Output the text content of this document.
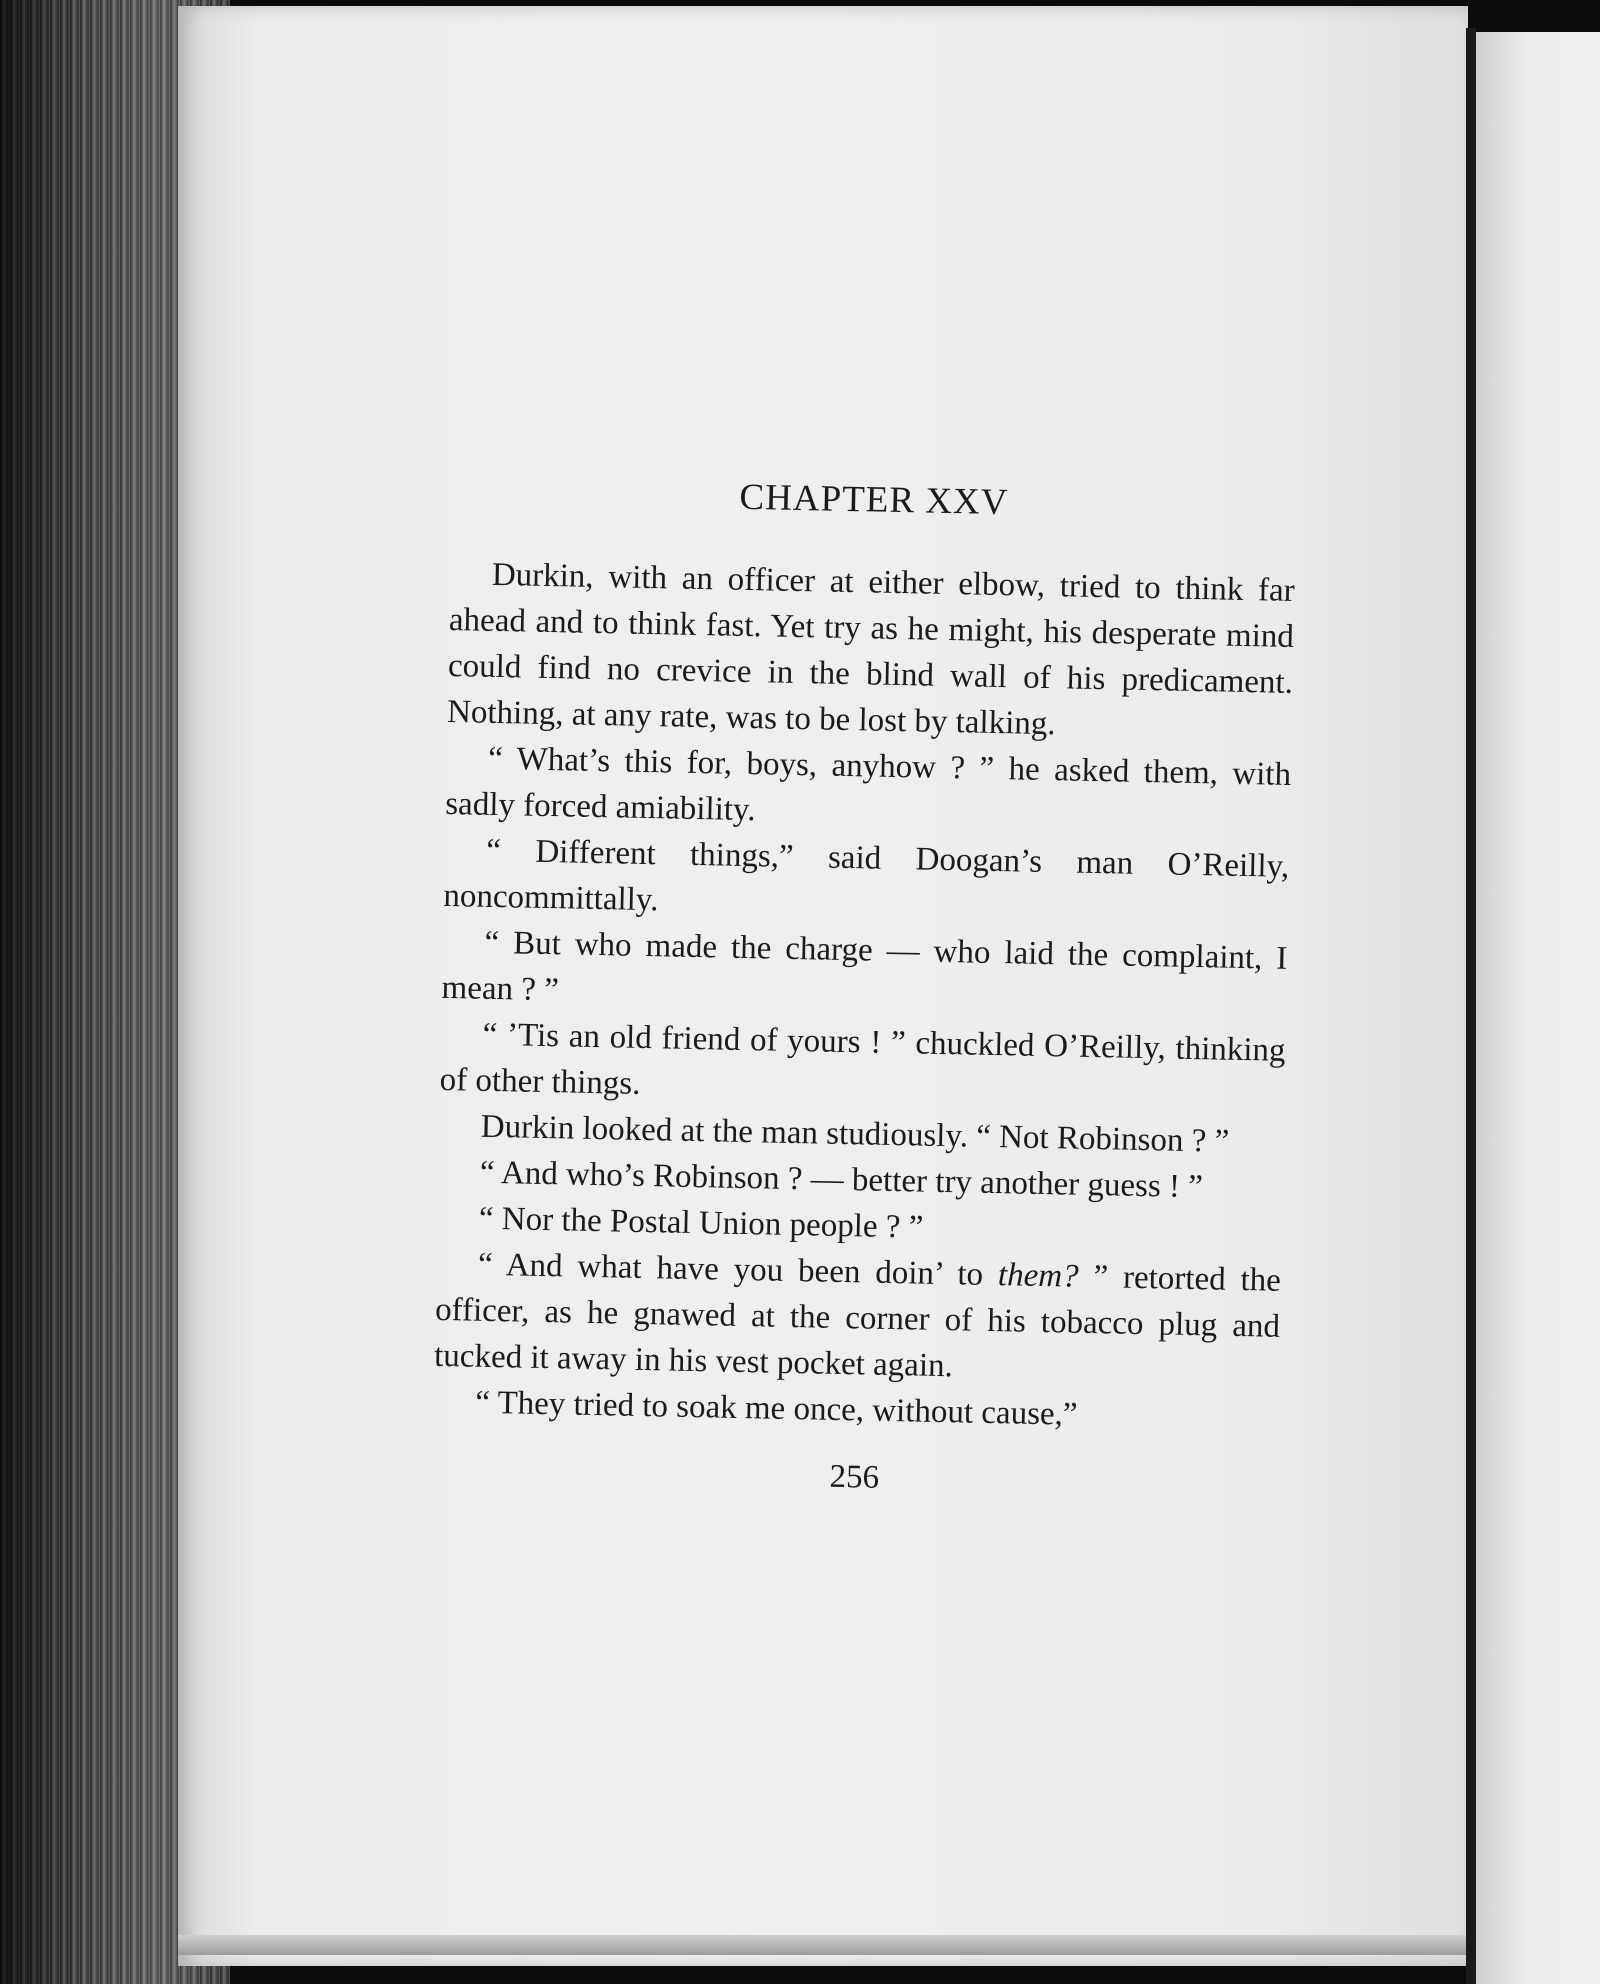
CHAPTER XXV

Durkin, with an officer at either elbow, tried to think far ahead and to think fast. Yet try as he might, his desperate mind could find no crevice in the blind wall of his predicament. Nothing, at any rate, was to be lost by talking.

“ What’s this for, boys, anyhow ? ” he asked them, with sadly forced amiability.

“ Different things,” said Doogan’s man O’Reilly, noncommittally.

“ But who made the charge — who laid the complaint, I mean ? ”

“ ’Tis an old friend of yours ! ” chuckled O’Reilly, thinking of other things.

Durkin looked at the man studiously. “ Not Robinson ? ”

“ And who’s Robinson ? — better try another guess ! ”

“ Nor the Postal Union people ? ”

“ And what have you been doin’ to them? ” retorted the officer, as he gnawed at the corner of his tobacco plug and tucked it away in his vest pocket again.

“ They tried to soak me once, without cause,”

256
